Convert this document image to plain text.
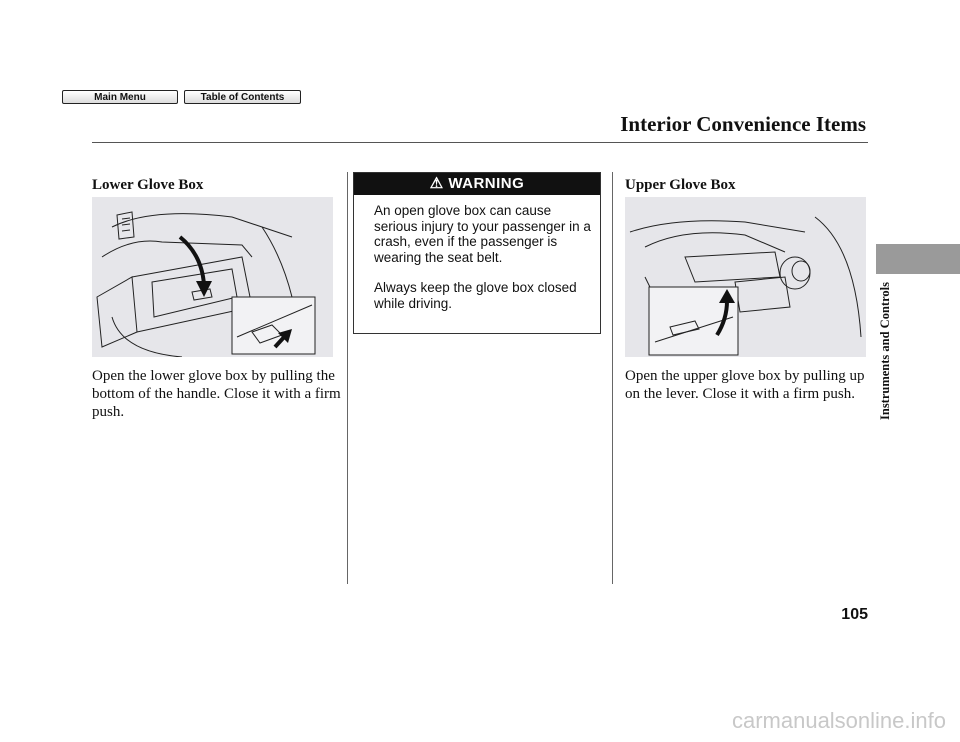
Main Menu	Table of Contents
Interior Convenience Items
Lower Glove Box
Open the lower glove box by pulling the bottom of the handle. Close it with a firm push.
⚠ WARNING

An open glove box can cause serious injury to your passenger in a crash, even if the passenger is wearing the seat belt.

Always keep the glove box closed while driving.

Upper Glove Box
Open the upper glove box by pulling up on the lever. Close it with a firm push.	Instruments and Controls
105
carmanualsonline.info
